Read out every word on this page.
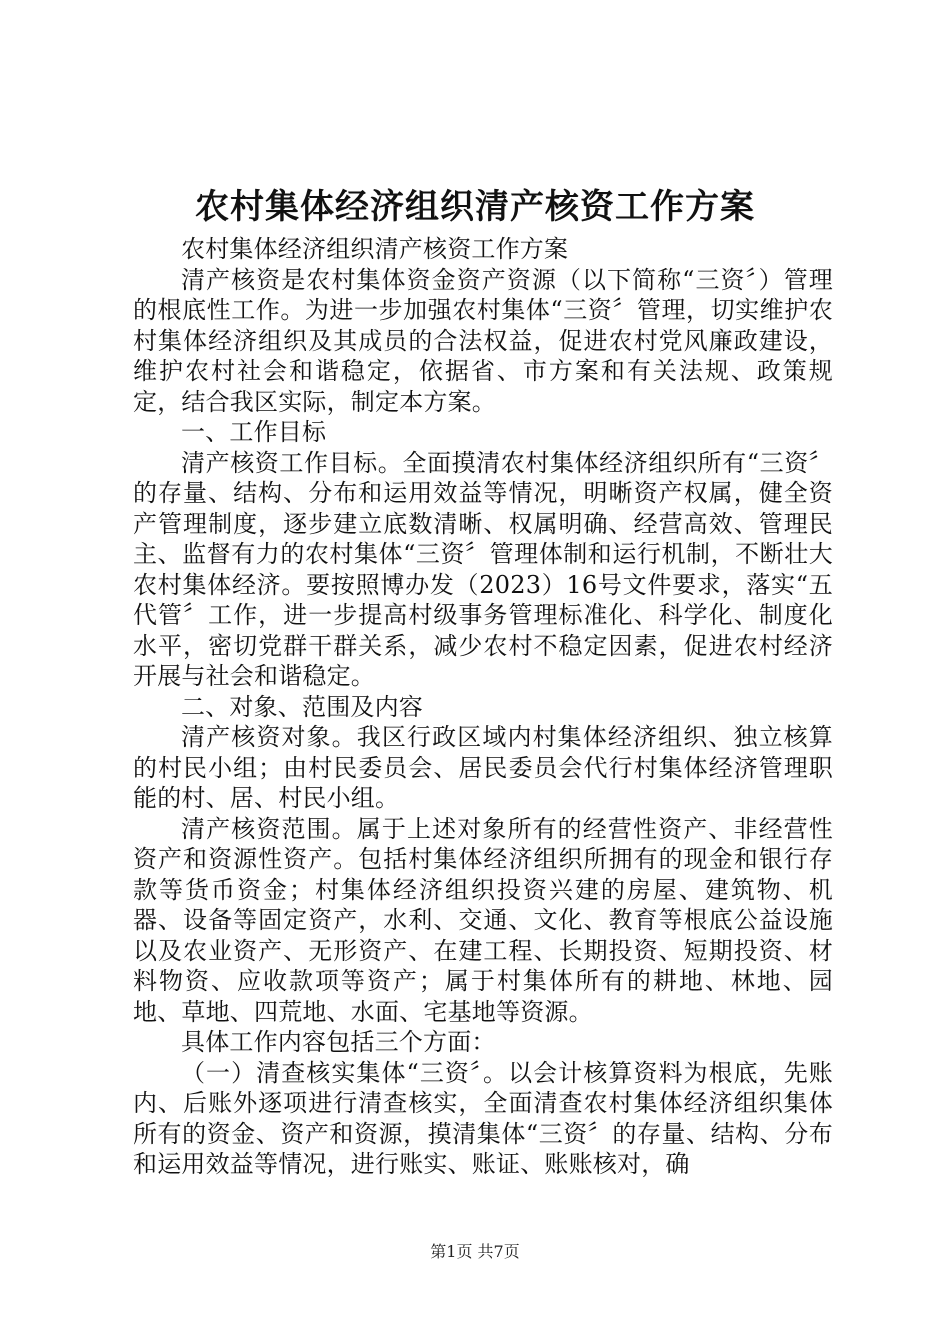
农村集体经济组织清产核资工作方案

农村集体经济组织清产核资工作方案

清产核资是农村集体资金资产资源（以下简称“三资〞）管理的根底性工作。为进一步加强农村集体“三资〞管理，切实维护农村集体经济组织及其成员的合法权益，促进农村党风廉政建设，维护农村社会和谐稳定，依据省、市方案和有关法规、政策规定，结合我区实际，制定本方案。

一、工作目标

清产核资工作目标。全面摸清农村集体经济组织所有“三资〞的存量、结构、分布和运用效益等情况，明晰资产权属，健全资产管理制度，逐步建立底数清晰、权属明确、经营高效、管理民主、监督有力的农村集体“三资〞管理体制和运行机制，不断壮大农村集体经济。要按照博办发（2023）16号文件要求，落实“五代管〞工作，进一步提高村级事务管理标准化、科学化、制度化水平，密切党群干群关系，减少农村不稳定因素，促进农村经济开展与社会和谐稳定。

二、对象、范围及内容

清产核资对象。我区行政区域内村集体经济组织、独立核算的村民小组；由村民委员会、居民委员会代行村集体经济管理职能的村、居、村民小组。

清产核资范围。属于上述对象所有的经营性资产、非经营性资产和资源性资产。包括村集体经济组织所拥有的现金和银行存款等货币资金；村集体经济组织投资兴建的房屋、建筑物、机器、设备等固定资产，水利、交通、文化、教育等根底公益设施以及农业资产、无形资产、在建工程、长期投资、短期投资、材料物资、应收款项等资产；属于村集体所有的耕地、林地、园地、草地、四荒地、水面、宅基地等资源。

具体工作内容包括三个方面：

（一）清查核实集体“三资〞。以会计核算资料为根底，先账内、后账外逐项进行清查核实，全面清查农村集体经济组织集体所有的资金、资产和资源，摸清集体“三资〞的存量、结构、分布和运用效益等情况，进行账实、账证、账账核对，确

第1页 共7页
